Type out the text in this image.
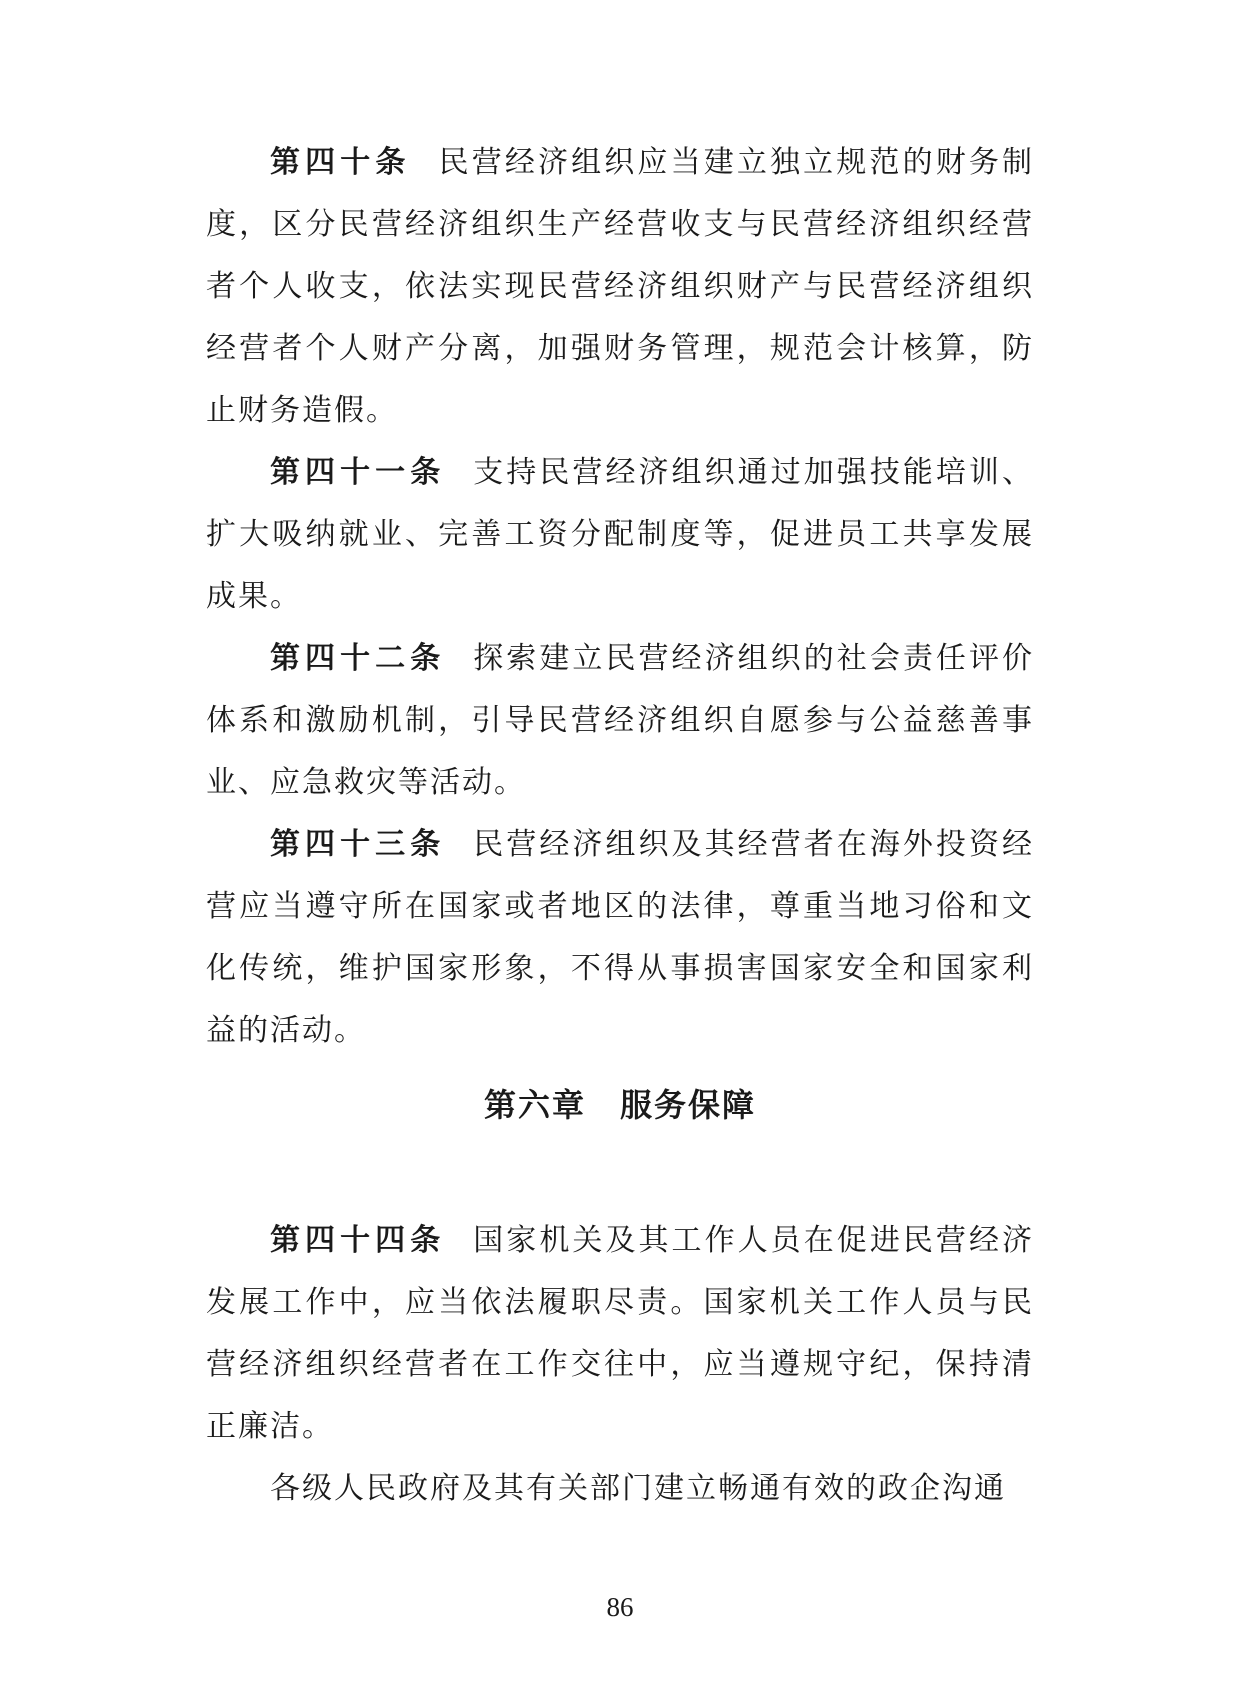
第四十条 民营经济组织应当建立独立规范的财务制度，区分民营经济组织生产经营收支与民营经济组织经营者个人收支，依法实现民营经济组织财产与民营经济组织经营者个人财产分离，加强财务管理，规范会计核算，防止财务造假。

第四十一条 支持民营经济组织通过加强技能培训、扩大吸纳就业、完善工资分配制度等，促进员工共享发展成果。

第四十二条 探索建立民营经济组织的社会责任评价体系和激励机制，引导民营经济组织自愿参与公益慈善事业、应急救灾等活动。

第四十三条 民营经济组织及其经营者在海外投资经营应当遵守所在国家或者地区的法律，尊重当地习俗和文化传统，维护国家形象，不得从事损害国家安全和国家利益的活动。

第六章　服务保障

第四十四条 国家机关及其工作人员在促进民营经济发展工作中，应当依法履职尽责。国家机关工作人员与民营经济组织经营者在工作交往中，应当遵规守纪，保持清正廉洁。

各级人民政府及其有关部门建立畅通有效的政企沟通

86
